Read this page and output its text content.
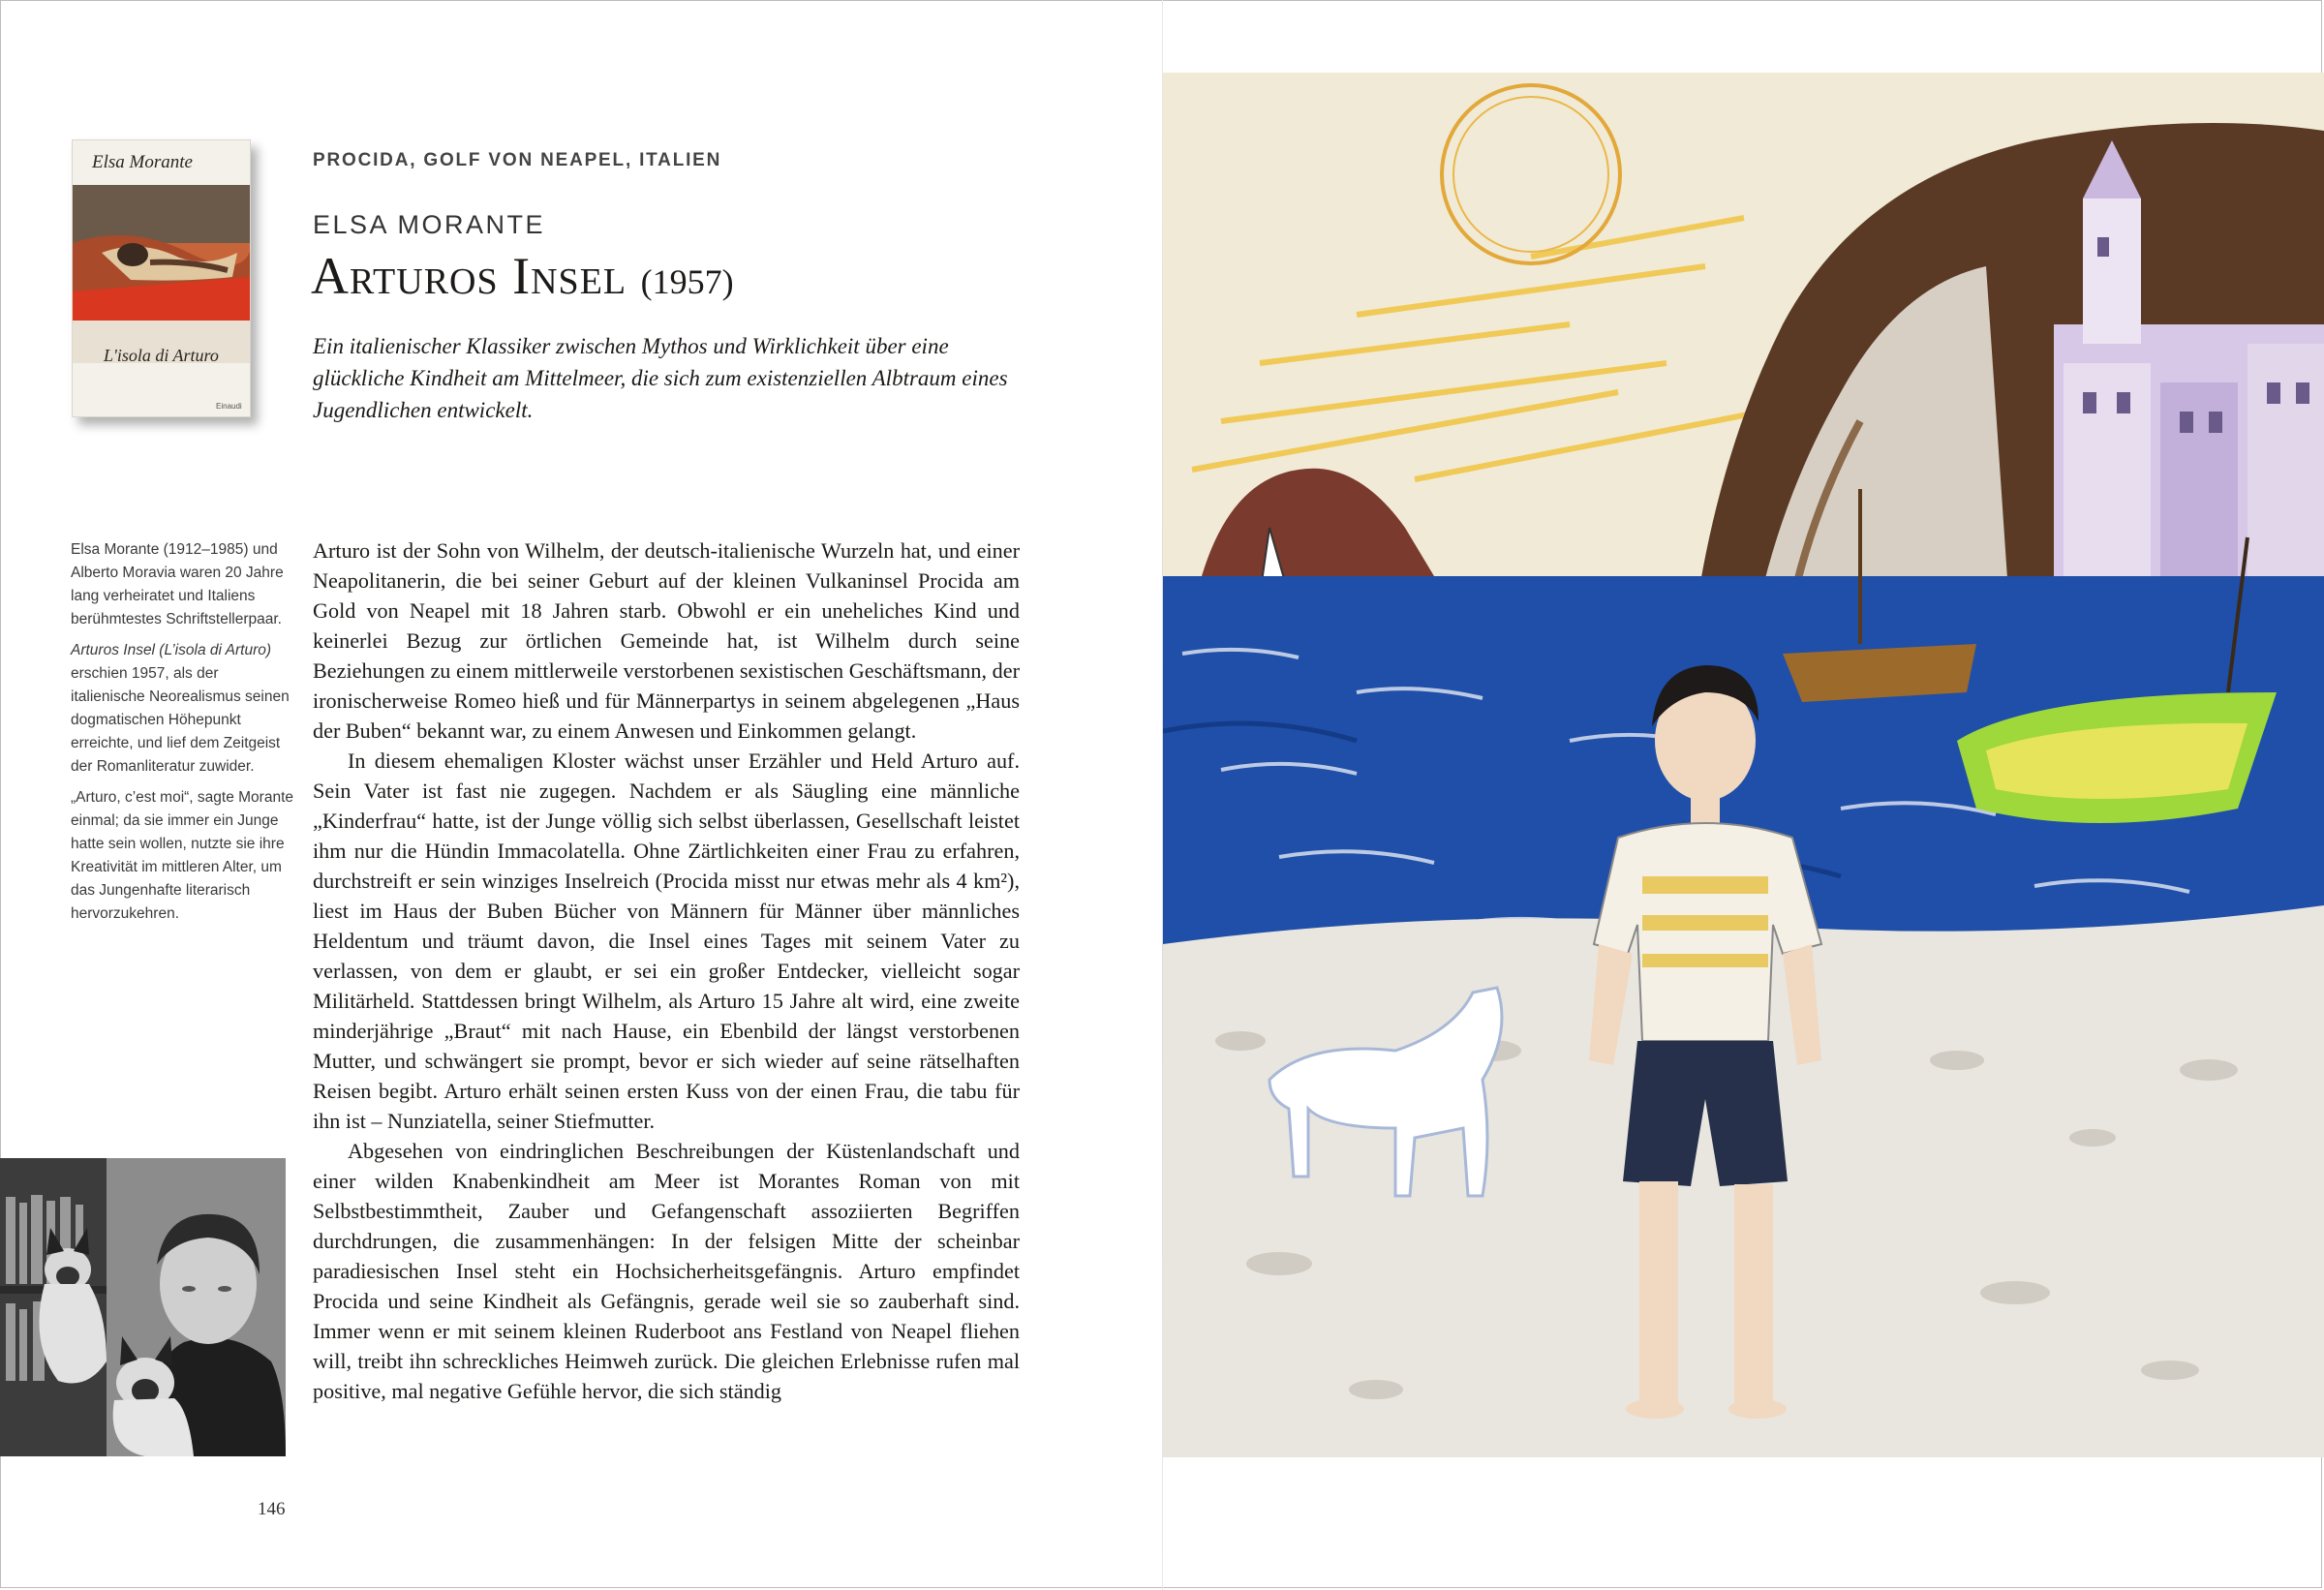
Elsa Morante
L'isola di Arturo
Einaudi
PROCIDA, GOLF VON NEAPEL, ITALIEN
ELSA MORANTE
Arturos Insel (1957)
Ein italienischer Klassiker zwischen Mythos und Wirklichkeit über eine glückliche Kindheit am Mittelmeer, die sich zum existenziellen Albtraum eines Jugendlichen entwickelt.

Elsa Morante (1912–1985) und Alberto Moravia waren 20 Jahre lang verheiratet und Italiens berühmtestes Schriftstellerpaar.

Arturos Insel (L’isola di Arturo) erschien 1957, als der italienische Neorealismus seinen dogmatischen Höhepunkt erreichte, und lief dem Zeitgeist der Romanliteratur zuwider.

„Arturo, c’est moi“, sagte Morante einmal; da sie immer ein Junge hatte sein wollen, nutzte sie ihre Kreativität im mittleren Alter, um das Jungenhafte literarisch hervorzukehren.

Arturo ist der Sohn von Wilhelm, der deutsch-italienische Wurzeln hat, und einer Neapolitanerin, die bei seiner Geburt auf der kleinen Vulkaninsel Procida am Gold von Neapel mit 18 Jahren starb. Obwohl er ein uneheliches Kind und keinerlei Bezug zur örtlichen Gemeinde hat, ist Wilhelm durch seine Beziehungen zu einem mittlerweile verstorbenen sexistischen Geschäftsmann, der ironischerweise Romeo hieß und für Männerpartys in seinem abgelegenen „Haus der Buben“ bekannt war, zu einem Anwesen und Einkommen gelangt.

In diesem ehemaligen Kloster wächst unser Erzähler und Held Arturo auf. Sein Vater ist fast nie zugegen. Nachdem er als Säugling eine männliche „Kinderfrau“ hatte, ist der Junge völlig sich selbst überlassen, Gesellschaft leistet ihm nur die Hündin Immacolatella. Ohne Zärtlichkeiten einer Frau zu erfahren, durchstreift er sein winziges Inselreich (Procida misst nur etwas mehr als 4 km²), liest im Haus der Buben Bücher von Männern für Männer über männliches Heldentum und träumt davon, die Insel eines Tages mit seinem Vater zu verlassen, von dem er glaubt, er sei ein großer Entdecker, vielleicht sogar Militärheld. Stattdessen bringt Wilhelm, als Arturo 15 Jahre alt wird, eine zweite minderjährige „Braut“ mit nach Hause, ein Ebenbild der längst verstorbenen Mutter, und schwängert sie prompt, bevor er sich wieder auf seine rätselhaften Reisen begibt. Arturo erhält seinen ersten Kuss von der einen Frau, die tabu für ihn ist – Nunziatella, seiner Stiefmutter.

Abgesehen von eindringlichen Beschreibungen der Küstenlandschaft und einer wilden Knabenkindheit am Meer ist Morantes Roman von mit Selbstbestimmtheit, Zauber und Gefangenschaft assoziierten Begriffen durchdrungen, die zusammenhängen: In der felsigen Mitte der scheinbar paradiesischen Insel steht ein Hochsicherheitsgefängnis. Arturo empfindet Procida und seine Kindheit als Gefängnis, gerade weil sie so zauberhaft sind. Immer wenn er mit seinem kleinen Ruderboot ans Festland von Neapel fliehen will, treibt ihn schreckliches Heimweh zurück. Die gleichen Erlebnisse rufen mal positive, mal negative Gefühle hervor, die sich ständig

146
